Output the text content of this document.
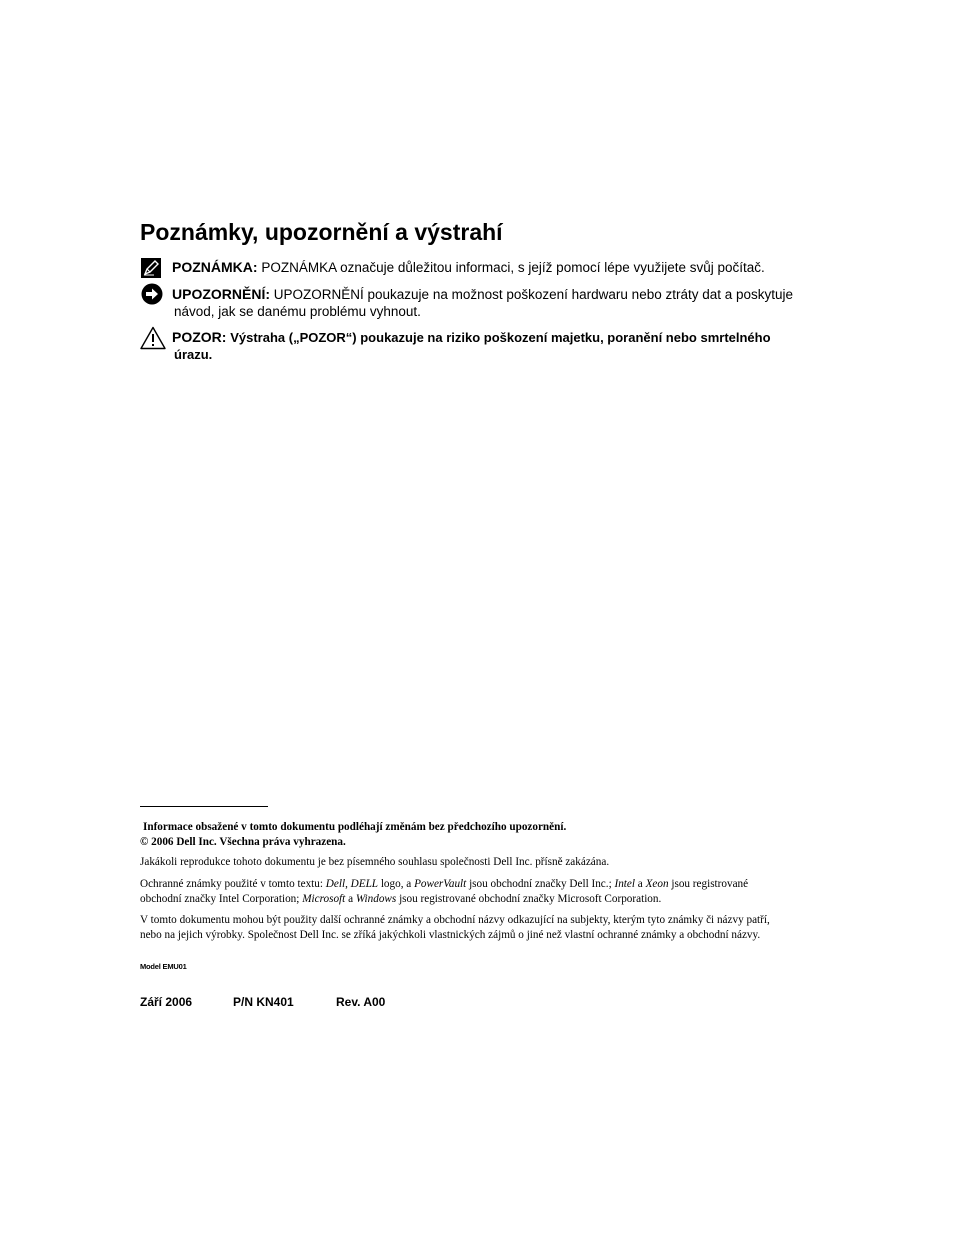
Poznámky, upozornění a výstrahí
POZNÁMKA: POZNÁMKA označuje důležitou informaci, s jejíž pomocí lépe využijete svůj počítač.
UPOZORNĚNÍ: UPOZORNĚNÍ poukazuje na možnost poškození hardwaru nebo ztráty dat a poskytuje
návod, jak se danému problému vyhnout.
POZOR: Výstraha („POZOR“) poukazuje na riziko poškození majetku, poranění nebo smrtelného
úrazu.
Informace obsažené v tomto dokumentu podléhají změnám bez předchozího upozornění.
© 2006 Dell Inc. Všechna práva vyhrazena.
Jakákoli reprodukce tohoto dokumentu je bez písemného souhlasu společnosti Dell Inc. přísně zakázána.
Ochranné známky použité v tomto textu: Dell, DELL logo, a PowerVault jsou obchodní značky Dell Inc.; Intel a Xeon jsou registrované
obchodní značky Intel Corporation; Microsoft a Windows jsou registrované obchodní značky Microsoft Corporation.
V tomto dokumentu mohou být použity další ochranné známky a obchodní názvy odkazující na subjekty, kterým tyto známky či názvy patří,
nebo na jejich výrobky. Společnost Dell Inc. se zříká jakýchkoli vlastnických zájmů o jiné než vlastní ochranné známky a obchodní názvy.
Model EMU01
Září 2006	P/N KN401	Rev. A00
